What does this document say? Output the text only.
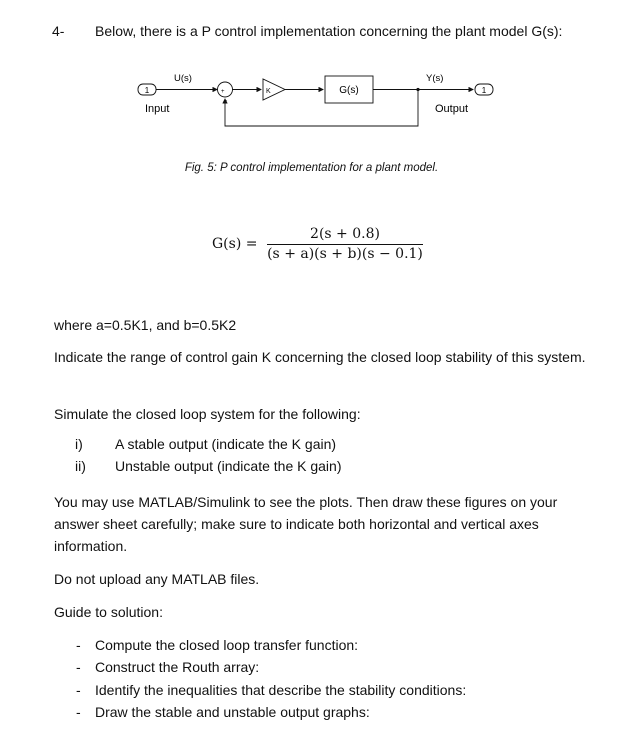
4- Below, there is a P control implementation concerning the plant model G(s):
1
U(s)
Input
+
-
K	G(s)
Y(s)
1
Output
Fig. 5: P control implementation for a plant model.
G(s) =
2(s + 0.8)
(s + a)(s + b)(s − 0.1)
where a=0.5K1, and b=0.5K2
Indicate the range of control gain K concerning the closed loop stability of this system.
Simulate the closed loop system for the following:
i) A stable output (indicate the K gain)
ii) Unstable output (indicate the K gain)
You may use MATLAB/Simulink to see the plots. Then draw these figures on your answer sheet carefully; make sure to indicate both horizontal and vertical axes information.
Do not upload any MATLAB files.
Guide to solution:
- Compute the closed loop transfer function:
- Construct the Routh array:
- Identify the inequalities that describe the stability conditions:
- Draw the stable and unstable output graphs:
